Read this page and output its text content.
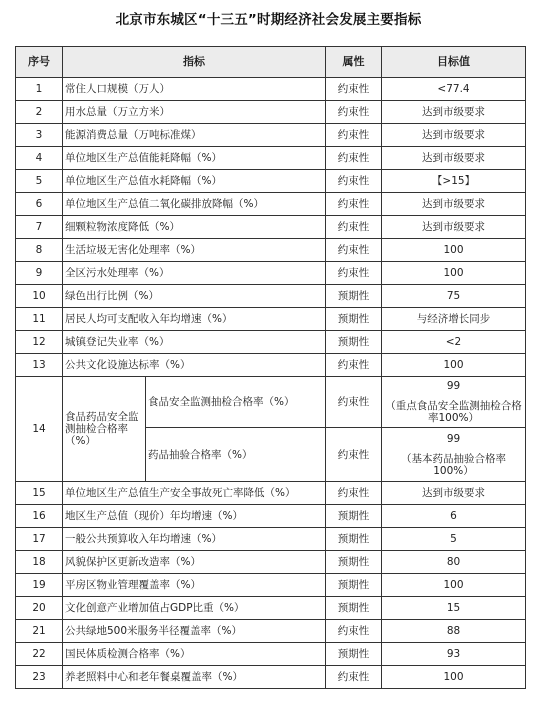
北京市东城区“十三五”时期经济社会发展主要指标
序号	指标		属性	目标值
1	常住人口规模（万人）		约束性	<77.4
2	用水总量（万立方米）		约束性	达到市级要求
3	能源消费总量（万吨标准煤）		约束性	达到市级要求
4	单位地区生产总值能耗降幅（%）		约束性	达到市级要求
5	单位地区生产总值水耗降幅（%）		约束性	【>15】
6	单位地区生产总值二氧化碳排放降幅（%）		约束性	达到市级要求
7	细颗粒物浓度降低（%）		约束性	达到市级要求
8	生活垃圾无害化处理率（%）		约束性	100
9	全区污水处理率（%）		约束性	100
10	绿色出行比例（%）		预期性	75
11	居民人均可支配收入年均增速（%）		预期性	与经济增长同步
12	城镇登记失业率（%）		预期性	<2
13	公共文化设施达标率（%）		约束性	100
14	食品药品安全监测抽检合格率（%）	食品安全监测抽检合格率（%）	约束性	99
（重点食品安全监测抽检合格率100%）

		药品抽验合格率（%）	约束性	99
（基本药品抽验合格率100%）

15	单位地区生产总值生产安全事故死亡率降低（%）		约束性	达到市级要求
16	地区生产总值（现价）年均增速（%）		预期性	6
17	一般公共预算收入年均增速（%）		预期性	5
18	风貌保护区更新改造率（%）		预期性	80
19	平房区物业管理覆盖率（%）		预期性	100
20	文化创意产业增加值占GDP比重（%）		预期性	15
21	公共绿地500米服务半径覆盖率（%）		约束性	88
22	国民体质检测合格率（%）		预期性	93
23	养老照料中心和老年餐桌覆盖率（%）		约束性	100
